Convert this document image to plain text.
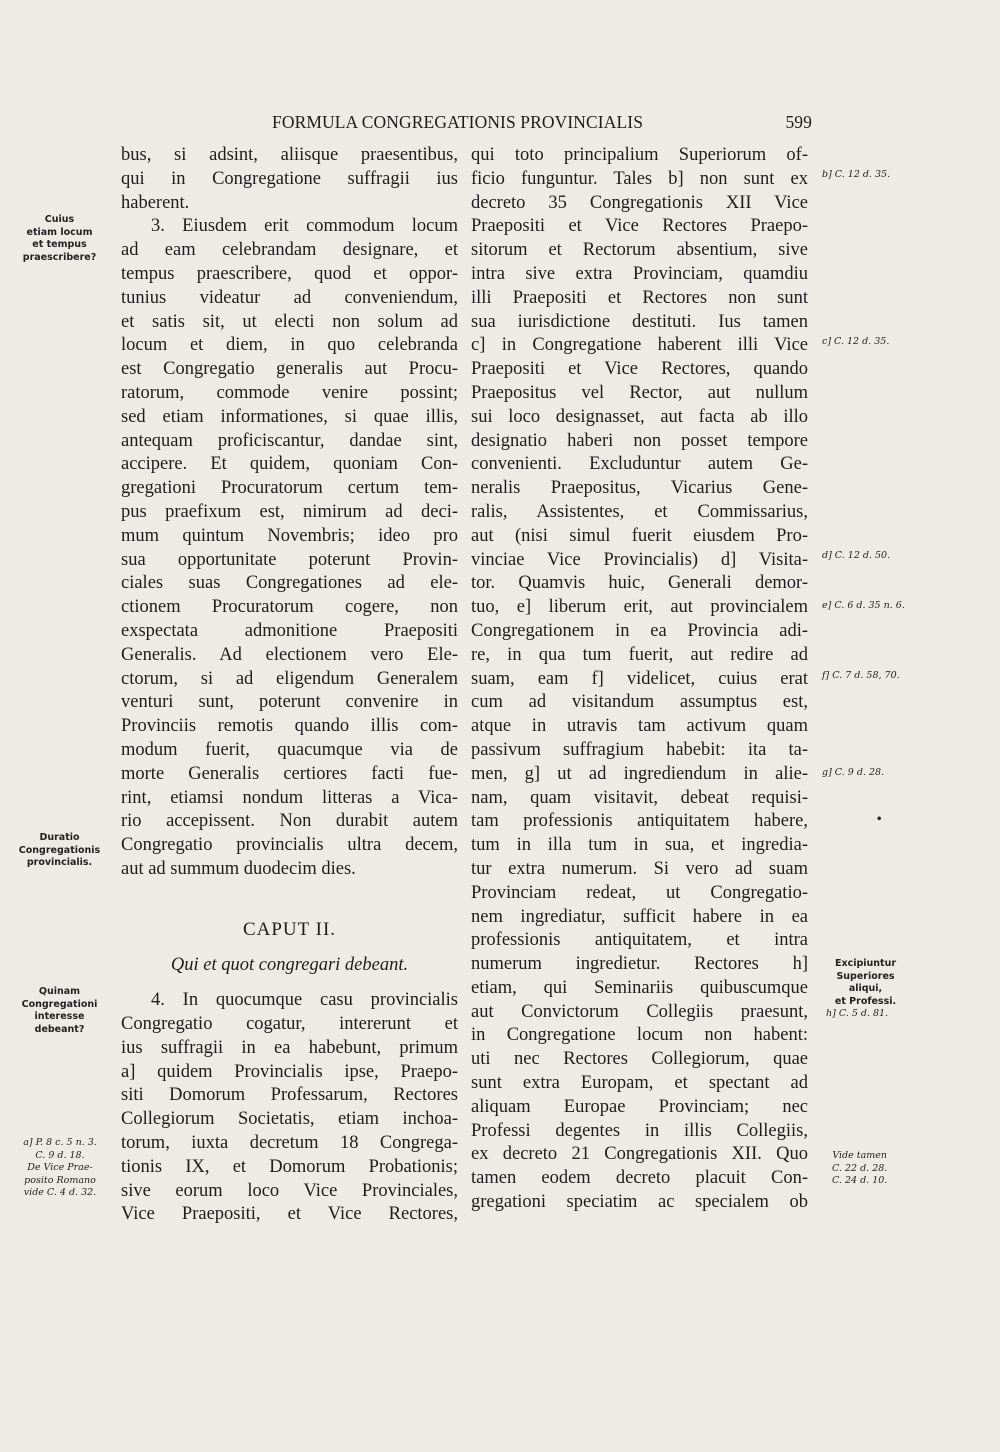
FORMULA CONGREGATIONIS PROVINCIALIS	599
bus, si adsint, aliisque praesentibus,
qui in Congregatione suffragii ius
haberent.
3. Eiusdem erit commodum locum
ad eam celebrandam designare, et
tempus praescribere, quod et oppor-
tunius videatur ad conveniendum,
et satis sit, ut electi non solum ad
locum et diem, in quo celebranda
est Congregatio generalis aut Procu-
ratorum, commode venire possint;
sed etiam informationes, si quae illis,
antequam proficiscantur, dandae sint,
accipere. Et quidem, quoniam Con-
gregationi Procuratorum certum tem-
pus praefixum est, nimirum ad deci-
mum quintum Novembris; ideo pro
sua opportunitate poterunt Provin-
ciales suas Congregationes ad ele-
ctionem Procuratorum cogere, non
exspectata admonitione Praepositi
Generalis. Ad electionem vero Ele-
ctorum, si ad eligendum Generalem
venturi sunt, poterunt convenire in
Provinciis remotis quando illis com-
modum fuerit, quacumque via de
morte Generalis certiores facti fue-
rint, etiamsi nondum litteras a Vica-
rio accepissent. Non durabit autem
Congregatio provincialis ultra decem,
aut ad summum duodecim dies.
CAPUT II.
Qui et quot congregari debeant.
4. In quocumque casu provincialis
Congregatio cogatur, intererunt et
ius suffragii in ea habebunt, primum
a] quidem Provincialis ipse, Praepo-
siti Domorum Professarum, Rectores
Collegiorum Societatis, etiam inchoa-
torum, iuxta decretum 18 Congrega-
tionis IX, et Domorum Probationis;
sive eorum loco Vice Provinciales,
Vice Praepositi, et Vice Rectores,
qui toto principalium Superiorum of-
ficio funguntur. Tales b] non sunt ex
decreto 35 Congregationis XII Vice
Praepositi et Vice Rectores Praepo-
sitorum et Rectorum absentium, sive
intra sive extra Provinciam, quamdiu
illi Praepositi et Rectores non sunt
sua iurisdictione destituti. Ius tamen
c] in Congregatione haberent illi Vice
Praepositi et Vice Rectores, quando
Praepositus vel Rector, aut nullum
sui loco designasset, aut facta ab illo
designatio haberi non posset tempore
convenienti. Excluduntur autem Ge-
neralis Praepositus, Vicarius Gene-
ralis, Assistentes, et Commissarius,
aut (nisi simul fuerit eiusdem Pro-
vinciae Vice Provincialis) d] Visita-
tor. Quamvis huic, Generali demor-
tuo, e] liberum erit, aut provincialem
Congregationem in ea Provincia adi-
re, in qua tum fuerit, aut redire ad
suam, eam f] videlicet, cuius erat
cum ad visitandum assumptus est,
atque in utravis tam activum quam
passivum suffragium habebit: ita ta-
men, g] ut ad ingrediendum in alie-
nam, quam visitavit, debeat requisi-
tam professionis antiquitatem habere,
tum in illa tum in sua, et ingredia-
tur extra numerum. Si vero ad suam
Provinciam redeat, ut Congregatio-
nem ingrediatur, sufficit habere in ea
professionis antiquitatem, et intra
numerum ingredietur. Rectores h]
etiam, qui Seminariis quibuscumque
aut Convictorum Collegiis praesunt,
in Congregatione locum non habent:
uti nec Rectores Collegiorum, quae
sunt extra Europam, et spectant ad
aliquam Europae Provinciam; nec
Professi degentes in illis Collegiis,
ex decreto 21 Congregationis XII. Quo
tamen eodem decreto placuit Con-
gregationi speciatim ac specialem ob
Cuius
etiam locum
et tempus
praescribere?
Duratio
Congregationis
provincialis.
Quinam
Congregationi
interesse
debeant?
a] P. 8 c. 5 n. 3.
C. 9 d. 18.
De Vice Prae-
posito Romano
vide C. 4 d. 32.
b] C. 12 d. 35.
c] C. 12 d. 35.
d] C. 12 d. 50.
e] C. 6 d. 35 n. 6.
f] C. 7 d. 58, 70.
g] C. 9 d. 28.
•
Excipiuntur
Superiores
aliqui,
et Professi.
h] C. 5 d. 81.
Vide tamen
C. 22 d. 28.
C. 24 d. 10.
